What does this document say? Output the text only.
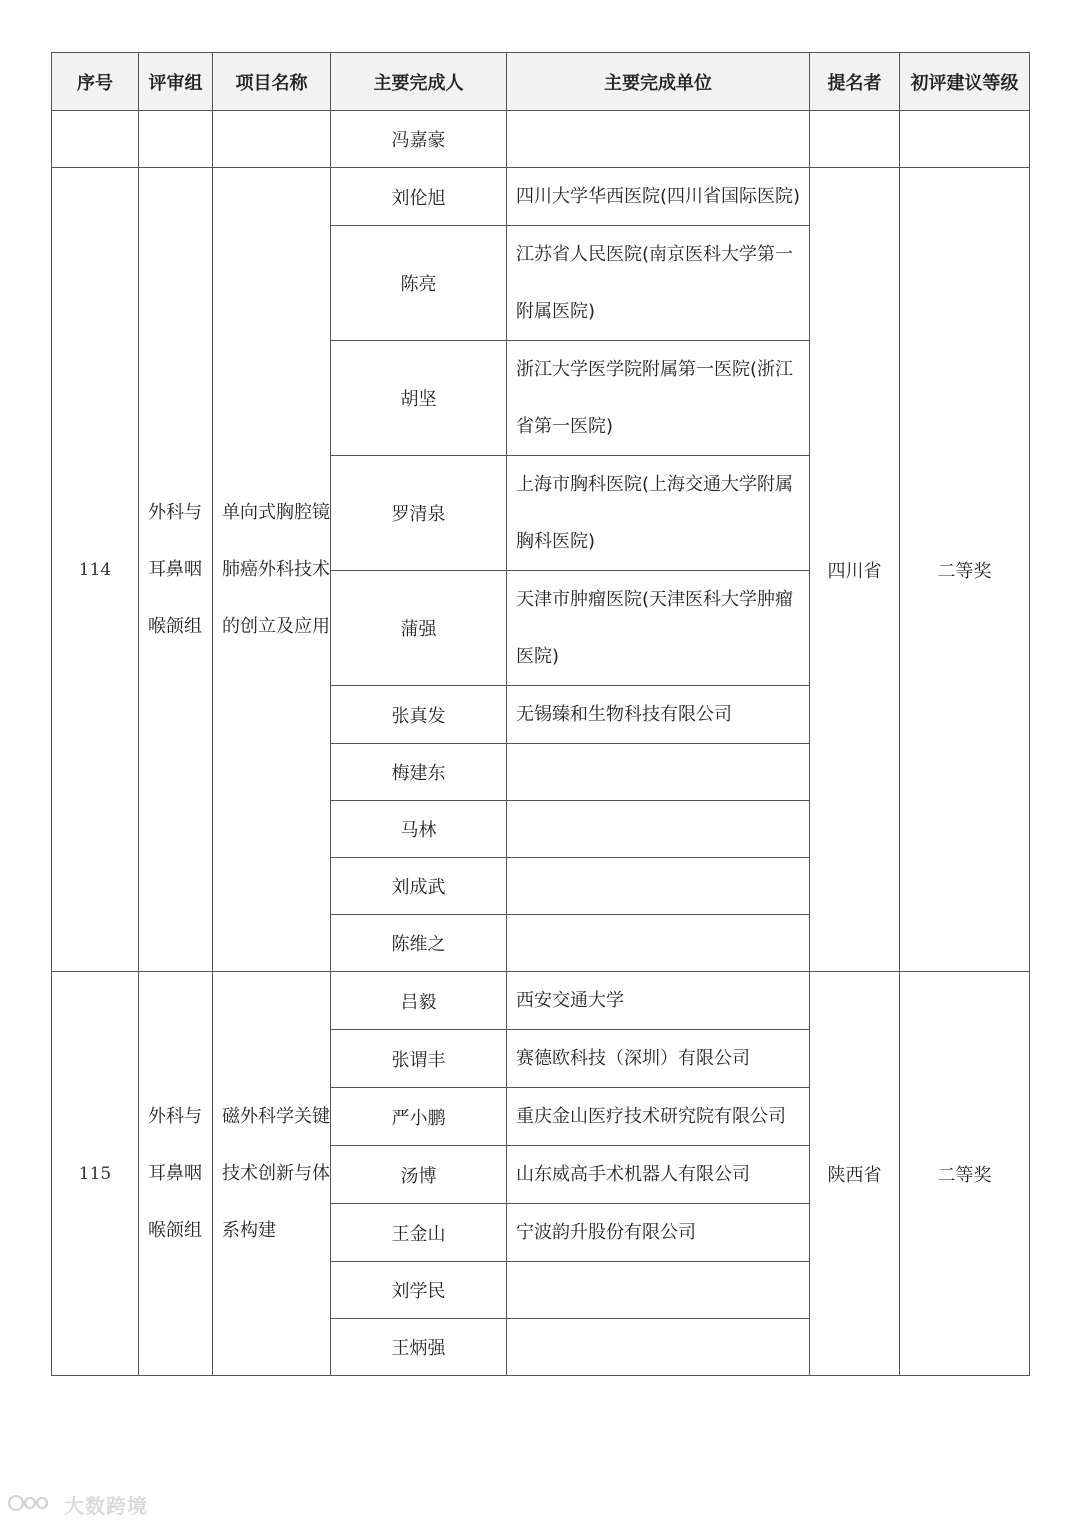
序号	评审组	项目名称	主要完成人	主要完成单位	提名者	初评建议等级
			冯嘉豪			
114	外科与耳鼻咽喉颌组	单向式胸腔镜肺癌外科技术的创立及应用	刘伦旭	四川大学华西医院(四川省国际医院)	四川省	二等奖

			陈亮	江苏省人民医院(南京医科大学第一附属医院)		

			胡坚	浙江大学医学院附属第一医院(浙江省第一医院)		

			罗清泉	上海市胸科医院(上海交通大学附属胸科医院)		

			蒲强	天津市肿瘤医院(天津医科大学肿瘤医院)		

			张真发	无锡臻和生物科技有限公司		
			梅建东			
			马林			
			刘成武			
			陈维之			
115	外科与耳鼻咽喉颌组	磁外科学关键技术创新与体系构建	吕毅	西安交通大学	陕西省	二等奖
			张谓丰	赛德欧科技（深圳）有限公司		
			严小鹏	重庆金山医疗技术研究院有限公司		
			汤博	山东威高手术机器人有限公司		
			王金山	宁波韵升股份有限公司		
			刘学民			
			王炳强			
大数跨境
